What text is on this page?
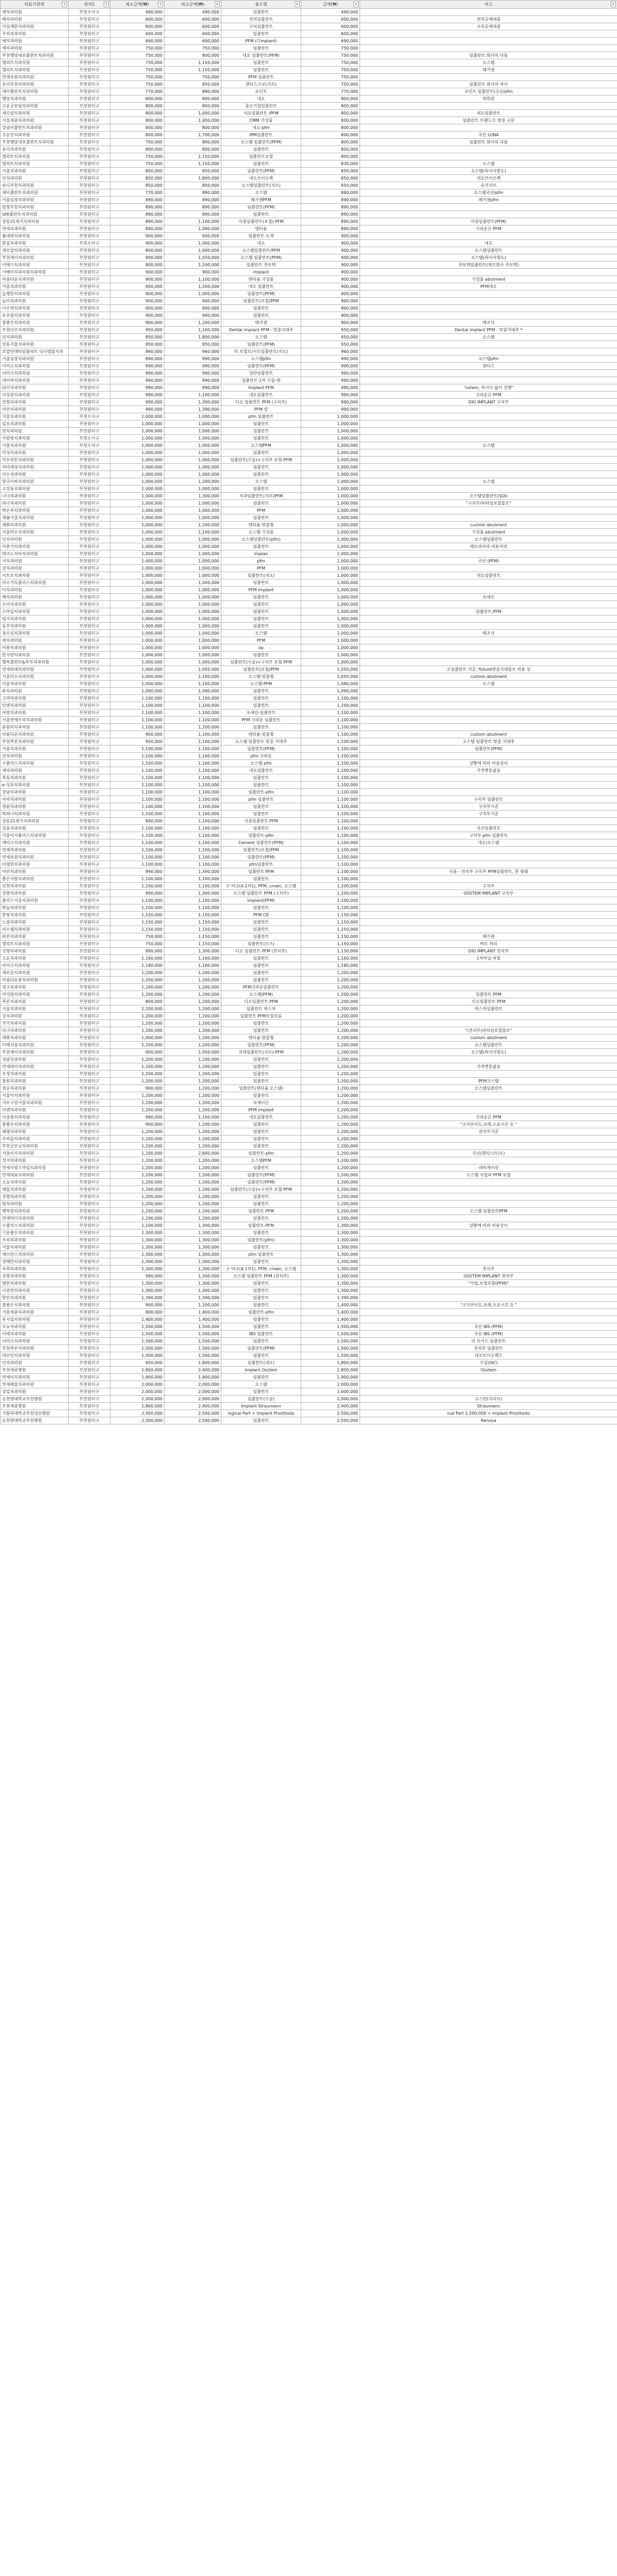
의료기관명 ▾	위치1 ▾	최소금액(₩) ▾	최고금액(₩) ▾	용도명 ▾	금액(₩) ▾	비고 ▾

예치과의원	부천소사구	490,000	490,000	임플란트	490,000	
예치과의원	부천원미구	600,000	600,000	전치임플란트	600,000	전치공예대출
이심재한치과의원	부천원미구	600,000	600,000	구치임플란트	600,000	구치공예대출
우리치과의원	부천원미구	600,000	600,000	임플란트	600,000	
예치과의원	부천원미구	690,000	690,000	PFM (디mplant)	690,000	
예치과의원	부천원미구	750,000	750,000	임플란트	750,000	
부천행당내포플란트치과의원	부천원미구	750,000	800,000	네오 임플란트(PFM)	750,000	임플란트 회사의 다름
엘리트치과의원	부천원미구	750,000	1,150,000	임플란트	750,000	오스템
엘리트치과의원	부천원미구	750,000	1,150,000	임플란트	750,000	메가젠
연세초원치과의원	부천원미구	750,000	750,000	PFM 임플란트	750,000	
유디부천치과의원	부천원미구	750,000	850,000	덴티스크보(지르)	750,000	임플란트 회사의 차이
세이플란트치과의원	부천원미구	770,000	880,000	포인트	770,000	포인트 임플란트(국산/pfm
행당치과의원	부천원미구	800,000	800,000	네오	800,000	박희원
고운굿보임치과의원	부천원미구	800,000	800,000	중소기업임플란트	800,000	
새로알치과의원	부천원미구	800,000	1,000,000	네오임플란트 /PFM	800,000	네오임플란트
서울세종치과의원	부천원미구	800,000	1,400,000	CMM 가상품	800,000	임플란트 브랜드로 명칭 구분
강남이플란트치과의원	부천원미구	800,000	800,000	네오-pfm	800,000	
크순신치과의원	부천원미구	800,000	1,700,000	IPM임플란트	800,000	국산 LUNA
부천행당내포플란트치과의원	부천원미구	750,000	800,000	오스템 임플란트(PFM)	800,000	임플란트 회사의 다름
유디치과의원	부천원미구	800,000	800,000	임플란트	800,000	
엘리트치과의원	부천원미구	750,000	1,150,000	임플란트보철	800,000	
엘리트치과의원	부천원미구	750,000	1,150,000	임플란트	830,000	오스템
서울치과의원	부천원미구	850,000	850,000	임플란트(PFM)	850,000	오스템(특이사항도)
인치과의원	부천원미구	850,000	1,800,000	네오브이오팩	850,000	네오브이오팩
유디부천치과의원	부천원미구	850,000	850,000	오스템임플란트(지르)	850,000	슈가지르
세이플란트치과의원	부천원미구	770,000	880,000	오스템	880,000	오스템국산/pfm
서울심장치과의원	부천원미구	890,000	890,000	메가젠PFM	890,000	메가젠pfm
한빛부천치과의원	부천원미구	890,000	890,000	임플란트(PFM)	890,000	
UHI플란트치과의원	부천원미구	890,000	890,000	임플란트	890,000	
상동21세기치과의원	부천원미구	890,000	1,100,000	이중임플란트(보철) PFM	890,000	이중임플란트(PFM)
연세치과의원	부천원미구	890,000	1,090,000	덴티움	890,000	크라운은 PFM
봄내희치과의원	부천원미구	900,000	900,000	임플란트-도재	900,000	
한길치과의원	부천소사구	900,000	1,000,000	네오	900,000	네오
새로알치과의원	부천원미구	800,000	1,000,000	오스템임플란트/PFM	900,000	오스템임플란트
부천세이치과의원	부천원미구	900,000	1,050,000	오스템 임플란트(PFM)	900,000	오스템(특이사항도)
이메스치과의원	부천원미구	800,000	1,200,000	임플란트 쿠보텍	900,000	쿠보텍임플란트(제조회사 쿠보텍)
서해이치과의원치과의원	부천원미구	900,000	900,000	implant	900,000	
아름다운치과의원	부천원미구	900,000	1,100,000	덴티움 기성품	900,000	기성품 abutment
서울치과의원	부천원미구	900,000	1,200,000	네오 임플란트	900,000	PFM네오
늘행한치과의원	부천원미구	900,000	1,000,000	임플란트(PFM)	900,000	
늘미치과의원	부천원미구	900,000	900,000	임플란트(보철)PFM	900,000	
이소하치과의원	부천원미구	900,000	900,000	임플란트	900,000	
유호림치과의원	부천원미구	900,000	900,000	임플란트	900,000	
참좋은치과의원	부천원미구	900,000	1,200,000	메가젠	900,000	메조사
부천이르치과의원	부천원미구	950,000	1,100,000	Dental implant PFM - 맞춤지대주	950,000	Dental implant PFM - 맞춤지대주 *
인치과의원	부천원미구	850,000	1,800,000	오스템	950,000	오스템
상동서울치과의원	부천원미구	950,000	950,000	임플란트(PFM)	950,000	
로얄인데타임플라트 다니엘졸치과	부천원미구	960,000	960,000	미 보철로/지르임플란트(지르)	960,000	
서울심장치과의원	부천원미구	890,000	990,000	오스템pfm	990,000	오스템pfm
이미소치과의원	부천원미구	990,000	990,000	임플란트(PFM)	990,000	덴티스
이미소치과의원	부천원미구	990,000	990,000	일반임플란트	990,000	
네이버치과의원	부천원미구	990,000	990,000	임플란트 1차 수술-덴	990,000	
다이치과의원	부천원미구	990,000	990,000	Implant PFM	990,000	"ostem, 특이사 없이 진행"
이상중치과의원	부천원미구	990,000	1,100,000	네오임플란트	990,000	크라운은 PFM
진향치과의원	부천원미구	990,000	1,300,000	디오 임플란트 PFM (구치부)	990,000	DIO IMPLANT 구치부
이안치과의원	부천원미구	990,000	1,390,000	PFM 앞	990,000	
서울치과의원	부천소사구	1,000,000	1,000,000	pfm 임플란트	1,000,000	
김포치과의원	부천원미구	1,000,000	1,000,000	임플란트	1,000,000	
단치과의원	부천원미구	1,000,000	1,000,000	임플란트	1,000,000	
사람빛치과의원	부천소사구	1,000,000	1,000,000	임플란트	1,000,000	
서울치과의원	부천소사구	1,000,000	1,000,000	오스템PFM	1,000,000	오스템
덕성치과의원	부천원미구	1,000,000	1,000,000	임플란트	1,000,000	
덕우리튼치과의원	부천원미구	1,000,000	1,000,000	임플란트(수술)+구치부 보철-PFM	1,000,000	
치아세상치과의원	부천원미구	1,000,000	1,000,000	임플란트	1,000,000	
미소치과의원	부천원미구	1,000,000	1,000,000	임플란트	1,000,000	
한국이하치과의원	부천원미구	1,000,000	1,200,000	오스템	1,000,000	오스템
고강동치과의원	부천원미구	1,000,000	1,000,000	임플란트	1,000,000	
나나치과의원	부천원미구	1,000,000	1,300,000	치과임플란트(지르)PFM	1,000,000	오스템임플란트(SOI)
다나치과의원	부천원미구	1,000,000	1,000,000	임플란트	1,000,000	"구치부/비타임보철물로"
박은주치과의원	부천원미구	1,000,000	1,000,000	PFM	1,000,000	
새봄서울치과의원	부천원미구	1,000,000	1,000,000	임플란트	1,000,000	
세화치과의원	부천원미구	1,000,000	1,200,000	덴티움-맞춤형	1,000,000	custom abutment
서울미소치과의원	부천원미구	1,000,000	1,100,000	오스템 기성품	1,000,000	기성품 abutment
신치과의원	부천원미구	1,000,000	1,000,000	오스템임플란트(pfm)	1,000,000	오스템임플란트
이촌기치과의원	부천원미구	1,000,000	1,000,000	임플란트	1,000,000	메로피아라 비용처리
테크노치아치과의원	부천원미구	1,000,000	1,000,000	implan	1,000,000	
서치과의원	부천원미구	1,000,000	1,000,000	pfm	1,000,000	국산 (PFM)
강치과의원	부천원미구	1,000,000	1,000,000	PFM	1,000,000	
이트로치과의원	부천원미구	1,000,000	1,000,000	임플란트(네오)	1,000,000	네오임플란트
미소가득플러스치과의원	부천원미구	1,000,000	1,000,000	임플란트	1,000,000	
이치과의원	부천원미구	1,000,000	1,000,000	PFM implant	1,000,000	
백치과의원	부천원미구	1,000,000	1,000,000	임플란트	1,000,000	포세인
소이치과의원	부천원미구	1,000,000	1,000,000	임플란트	1,000,000	
스마일치과의원	부천원미구	1,000,000	1,000,000	임플란트	1,000,000	임플란트,PFM
엄지치과의원	부천원미구	1,000,000	1,000,000	임플란트	1,000,000	
동부치과의원	부천원미구	1,000,000	1,000,000	임플란트	1,000,000	
청소년치과의원	부천원미구	1,000,000	1,000,000	오스템	1,000,000	메조사
최치과의원	부천원미구	1,000,000	1,000,000	PFM	1,000,000	
이용치과의원	부천원미구	1,000,000	1,000,000	op	1,000,000	
한사랑치과의원	부천원미구	1,000,000	1,000,000	임플란트	1,000,000	
행복플란트&부부치과의원	부천원미구	1,000,000	1,000,000	임플란트(수술)+구치부 보철-PFM	1,000,000	
연세외대치과의원	부천원미구	1,000,000	1,050,000	임플란트(보철)PFM	1,050,000	오임플란트 지준, fixture맞춤지대물로 비용 상
서울미소치과의원	부천원미구	1,000,000	1,100,000	오스템-맞춤형	1,050,000	custom abutment
이솔치과의원	부천원미구	1,000,000	1,100,000	오스템-PFM	1,080,000	오스템
류치과의원	부천원미구	1,090,000	1,090,000	임플란트	1,090,000	
고려치과의원	부천원미구	1,100,000	1,100,000	임플란트	1,100,000	
인앤치과의원	부천원미구	1,100,000	1,100,000	임플란트	1,100,000	
아람치과의원	부천원미구	1,100,000	1,100,000	포세린-임플란트	1,100,000	
서울연세우리치과의원	부천원미구	1,100,000	1,100,000	PFM 크라운 임플란트	1,100,000	
유원의치과의원	부천원미구	1,100,000	1,100,000	임플란트	1,100,000	
아름다운치과의원	부천원미구	900,000	1,100,000	덴티움-맞춤형	1,100,000	custom abutment
부천푸른치과의원	부천원미구	950,000	1,100,000	오스템 임플란트 맞춤 지대주	1,100,000	오스템 임플란트 맞춤 지대주
서울치과의원	부천원미구	1,100,000	1,100,000	임플란트(PFM)	1,100,000	임플란트(PFM)
선치과의원	부천원미구	1,100,000	1,100,000	pfm 크라운	1,100,000	
수플러스치과의원	부천원미구	1,100,000	1,100,000	오스템 pfm	1,100,000	상황에 따라 비용상이
세치과의원	부천원미구	1,100,000	1,100,000	네오임플란트	1,100,000	가격변동없음
목동치과의원	부천원미구	1,100,000	1,100,000	임플란트	1,100,000	
e-성초치과의원	부천원미구	1,100,000	1,100,000	임플란트	1,100,000	
강남치과의원	부천원미구	1,100,000	1,100,000	임플란트-pfm	1,100,000	
아라치과의원	부천원미구	1,100,000	1,100,000	pfm 임플란트	1,100,000	구치부 임플란트
경원치과의원	부천원미구	1,100,000	1,100,000	임플란트	1,100,000	구치부기준
하와나치과의원	부천원미구	1,100,000	1,100,000	임플란트	1,100,000	구치부기준
상동21세기치과의원	부천원미구	890,000	1,100,000	이중임플란트 PFM	1,100,000	
심동치과의원	부천원미구	1,100,000	1,100,000	임플란트	1,100,000	국산임플란트
서울이지플러스치과의원	부천원미구	1,100,000	1,100,000	임플란트-pfm	1,100,000	구치부 pfm 임플란트
예미소치과의원	부천원미구	1,100,000	1,100,000	Cement 임플란트(PFM)	1,100,000	네오/오스템
연세치과의원	부천원미구	1,100,000	1,100,000	임플란트(보철)PFM	1,100,000	
연세초원치과의원	부천원미구	1,100,000	1,100,000	임플란트(PFM)	1,100,000	
이명한치과의원	부천원미구	1,100,000	1,100,000	pfm임플란트	1,100,000	
이안치과의원	부천원미구	990,000	1,390,000	임플란트 PFM	1,100,000	이름 - 전치부 구치부 PFM임플란트, 한 형태
좋은사람치과의원	부천원미구	1,100,000	1,100,000	임플란트	1,100,000	
신천치과의원	부천원미구	1,100,000	1,100,000	구 비교(4,1차1), PFM, crown, 오스템	1,100,000	구치부
진향치과의원	부천원미구	990,000	1,300,000	오스템 임플란트 PFM (구치부)	1,100,000	OSSTEM IMPLANT 구치부
플러스서울치과의원	부천원미구	1,100,000	1,100,000	implant(PFM)	1,100,000	
하늘치과의원	부천원미구	1,100,000	1,100,000	임플란트	1,100,000	
한빛치과의원	부천원미구	1,150,000	1,150,000	PFM CR	1,150,000	
노블치과의원	부천원미구	1,150,000	1,150,000	임플란트	1,150,000	
미소웰치과의원	부천원미구	1,150,000	1,150,000	임플란트	1,150,000	
바른치과의원	부천원미구	750,000	1,150,000	임플란트	1,150,000	메가젠
엘리트치과의원	부천원미구	750,000	1,150,000	임플란트(모즈)	1,150,000	혀로 처리
진향치과의원	부천원미구	990,000	1,300,000	디오 임플란트 PFM (전치부)	1,150,000	DIO IMPLANT 전치부
고운치과의원	부천원미구	1,160,000	1,160,000	임플란트	1,160,000	1차비닐 씨필
아이수치과의원	부천원미구	1,180,000	1,180,000	임플란트	1,180,000	
새로운치과의원	부천원미구	1,200,000	1,200,000	임플란트	1,200,000	
아름다운용치과의원	부천원미구	1,200,000	1,200,000	임플란트	1,200,000	
경고치과의원	부천원미구	1,200,000	1,200,000	PFM크라운임플란트	1,200,000	
미사랑치과의원	부천원미구	1,200,000	1,200,000	오스템(PFM)	1,200,000	임플란트 PFM
푸른치과의원	부천원미구	800,000	1,200,000	디오임플란트 PFM	1,200,000	디오임플란트 PFM
서울치과의원	부천원미구	1,200,000	1,200,000	임플란트 픽스처	1,200,000	픽스처임플란트
강치과의원	부천원미구	1,200,000	1,200,000	임플란트 PFM보철치료	1,200,000	
가가치과의원	부천원미구	1,200,000	1,200,000	임플란트	1,200,000	
다나치과의원	부천원미구	1,200,000	1,200,000	임플란트	1,200,000	"(전치부)비타임보철물로"
세화치과의원	부천원미구	1,000,000	1,200,000	덴티움-맞춤형	1,200,000	custom abutment
미래서울치과의원	부천원미구	1,200,000	1,200,000	임플란트(PFM)	1,200,000	오스템임플란트
부천세이치과의원	부천원미구	900,000	1,050,000	치과임플란트(지르)-PFM	1,200,000	오스템(특이사항도)
성남치과의원	부천원미구	1,200,000	1,200,000	임플란트	1,200,000	
연세파이치과의원	부천원미구	1,200,000	1,200,000	임플란트	1,200,000	가격변동없음
우정치과의원	부천원미구	1,200,000	1,200,000	임플란트	1,200,000	
흥원치과의원	부천원미구	1,200,000	1,200,000	임플란트	1,200,000	PFM크스템
권순치과의원	부천원미구	900,000	1,200,000	임플란트(덴티움,오스템)	1,200,000	오스템임플란트
서울이치과의원	부천원미구	1,200,000	1,200,000	임플란트	1,200,000	
서로구감서울치과의원	부천원미구	1,200,000	1,200,000	보세이든	1,200,000	
이엔치과의원	부천원미구	1,200,000	1,200,000	PFM implant	1,200,000	
이상중치과의원	부천원미구	990,000	1,100,000	네오임플란트	1,200,000	크라운은 PFM
참좋은치과의원	부천원미구	900,000	1,200,000	임플란트	1,200,000	"크지산이도,보레,소요시간 등 "
태명치과의원	부천원미구	1,200,000	1,200,000	임플란트	1,200,000	전치부기준
우리들치과의원	부천원미구	1,200,000	1,200,000	임플란트	1,200,000	
부천굿모닝치과의원	부천원미구	1,200,000	1,200,000	임플란트	1,200,000	
서울이지치과의원	부천원미구	1,200,000	2,600,000	임플란트-pfm	1,200,000	국산(덴티스/디오)
성지치과의원	부천원미구	1,200,000	1,200,000	오스템PFM	1,200,000	
연세사랑스마일치과의원	부천원미구	1,200,000	1,200,000	임플란트	1,200,000	네비게이션
연세대표치과의원	부천원미구	1,200,000	1,200,000	임플란트(PFM)	1,200,000	오스템 식립과 PFM 보철
오늘치과의원	부천원미구	1,200,000	1,200,000	임플란트(PFM)	1,200,000	
제일치과의원	부천원미구	1,200,000	1,200,000	임플란트(수술)+구치부 보철-PFM	1,200,000	
진향치과의원	부천원미구	1,200,000	1,200,000	임플란트	1,200,000	
팀치과의원	부천원미구	1,200,000	1,200,000	임플란트	1,200,000	
행복한치과의원	부천원미구	1,200,000	1,200,000	임플란트 PFM	1,200,000	오스템 임플란트PFM
연세마디치과의원	부천원미구	1,200,000	1,200,000	임플란트	1,200,000	
수플러스치과의원	부천원미구	1,100,000	1,300,000	임플란트-PFM	1,300,000	상황에 따라 비용상이
기분좋은치과의원	부천원미구	1,300,000	1,300,000	임플란트	1,300,000	
우리치과의원	부천원미구	1,300,000	1,300,000	임플란트(pfm)	1,300,000	
서울치과의원	부천원미구	1,300,000	1,300,000	임플란트	1,300,000	
세브란스치과의원	부천원미구	1,300,000	1,300,000	pfm 임플란트	1,300,000	
전혜란치과의원	부천원미구	1,300,000	1,300,000	임플란트	1,300,000	
초희치과의원	부천원미구	1,300,000	1,300,000	구 비교(4,1차1), PFM, crown, 오스템	1,300,000	전치부
진향치과의원	부천원미구	990,000	1,300,000	오스템 임플란트 PFM (전치부)	1,300,000	OSSTEM IMPLANT 전치부
명한치과의원	부천원미구	1,300,000	1,300,000	임플란트	1,300,000	"사립,보철포함(PFM)"
이종민치과의원	부천원미구	1,300,000	1,300,000	임플란트	1,300,000	
한민치과의원	부천원미구	1,390,000	1,390,000	임플란트	1,390,000	
참좋은치과의원	부천원미구	900,000	1,200,000	임플란트	1,400,000	"크지산이도,보레,소요시간 등 "
서울세종치과의원	부천원미구	800,000	1,400,000	임플란트-pfm	1,400,000	
유지섭치과의원	부천원미구	1,400,000	1,400,000	임플란트	1,400,000	
로뉴치과의원	부천원미구	1,500,000	1,500,000	임플란트	1,500,000	국산 IBS (PFM)
이레치과의원	부천원미구	1,500,000	1,500,000	IBS 임플란트	1,500,000	국산 IBS (PFM)
이미소치과의원	부천원미구	1,500,000	1,500,000	임플란트	1,500,000	더 브이드 임플란트
부천푸른치과의원	부천원미구	1,500,000	1,500,000	임플란트(PFM)	1,500,000	전치부 임플란트
네보턴치과의원	부천원미구	1,500,000	1,500,000	임플란트	1,500,000	네오브이오팩스
인치과의원	부천원미구	850,000	1,800,000	임플란트(네오)	1,800,000	수입(SIC)
부천세종병원	부천원미구	1,800,000	2,400,000	Implant Osstem	1,800,000	Osstem
연세이치과의원	부천원미구	1,900,000	1,900,000	임플란트	1,900,000	
연세배울치과의원	부천원미구	2,000,000	2,000,000	오스템	2,000,000	
상일치과의원	부천원미구	2,000,000	2,000,000	임플란트	2,000,000	
순천향대학교부천병원	부천원미구	2,000,000	2,000,000	임플란트(수술)	2,000,000	오스턴(지다보)
부천세종병원	부천원미구	1,800,000	2,400,000	Implant Straumann	2,400,000	Straumann
가톨릭대학교부천성모병원	부천원미구	2,500,000	2,500,000	ingical Part + Implant Prosthodo	2,500,000	ical Part 1,500,000 + implant Prosthodo
순천향대학교부천병원	부천원미구	2,500,000	2,500,000	임플란트	2,500,000	Renova
